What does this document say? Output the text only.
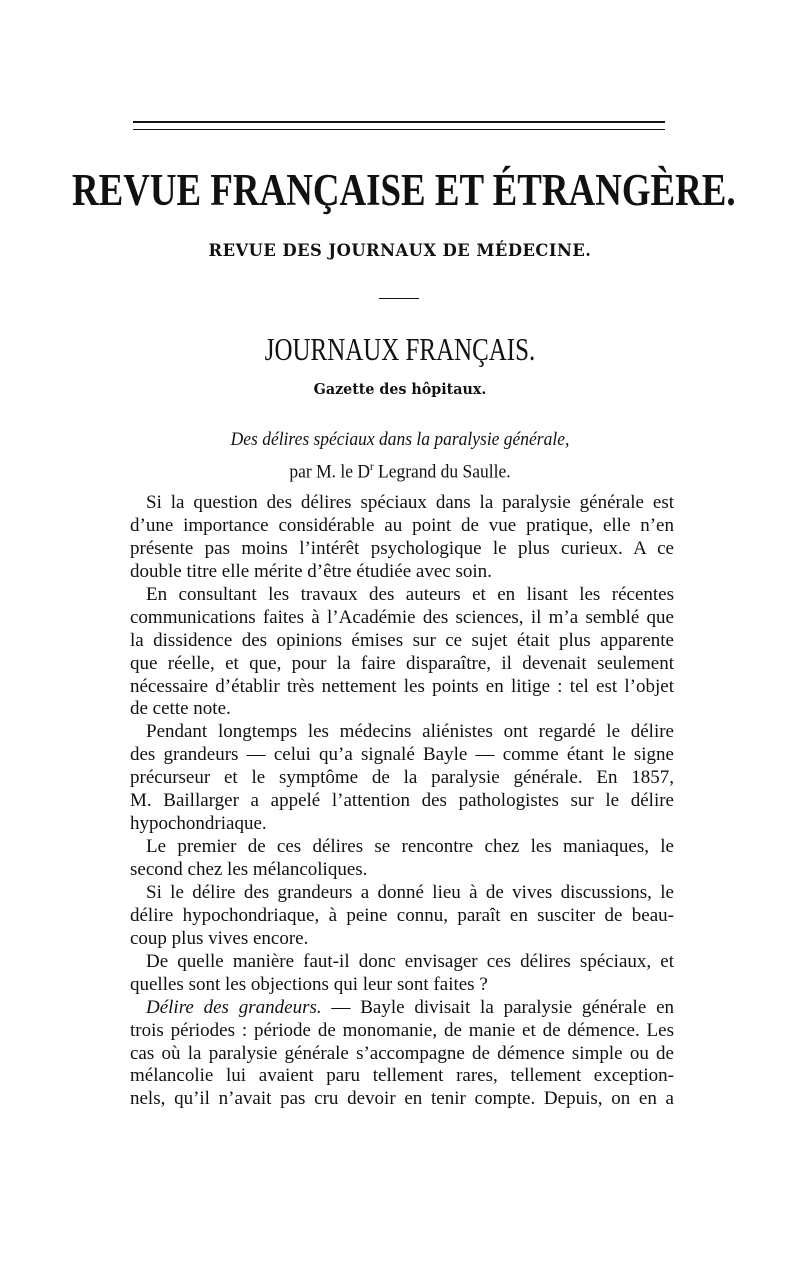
REVUE FRANÇAISE ET ÉTRANGÈRE.
REVUE DES JOURNAUX DE MÉDECINE.
JOURNAUX FRANÇAIS.
Gazette des hôpitaux.
Des délires spéciaux dans la paralysie générale,
par M. le $D^r$ Legrand du Saulle.
Si la question des délires spéciaux dans la paralysie générale est
d’une importance considérable au point de vue pratique, elle n’en
présente pas moins l’intérêt psychologique le plus curieux. A ce
double titre elle mérite d’être étudiée avec soin.
En consultant les travaux des auteurs et en lisant les récentes
communications faites à l’Académie des sciences, il m’a semblé que
la dissidence des opinions émises sur ce sujet était plus apparente
que réelle, et que, pour la faire disparaître, il devenait seulement
nécessaire d’établir très nettement les points en litige : tel est l’objet
de cette note.
Pendant longtemps les médecins aliénistes ont regardé le délire
des grandeurs — celui qu’a signalé Bayle — comme étant le signe
précurseur et le symptôme de la paralysie générale. En 1857,
M. Baillarger a appelé l’attention des pathologistes sur le délire
hypochondriaque.
Le premier de ces délires se rencontre chez les maniaques, le
second chez les mélancoliques.
Si le délire des grandeurs a donné lieu à de vives discussions, le
délire hypochondriaque, à peine connu, paraît en susciter de beau-
coup plus vives encore.
De quelle manière faut-il donc envisager ces délires spéciaux, et
quelles sont les objections qui leur sont faites ?
Délire des grandeurs. — Bayle divisait la paralysie générale en
trois périodes : période de monomanie, de manie et de démence. Les
cas où la paralysie générale s’accompagne de démence simple ou de
mélancolie lui avaient paru tellement rares, tellement exception-
nels, qu’il n’avait pas cru devoir en tenir compte. Depuis, on en a
